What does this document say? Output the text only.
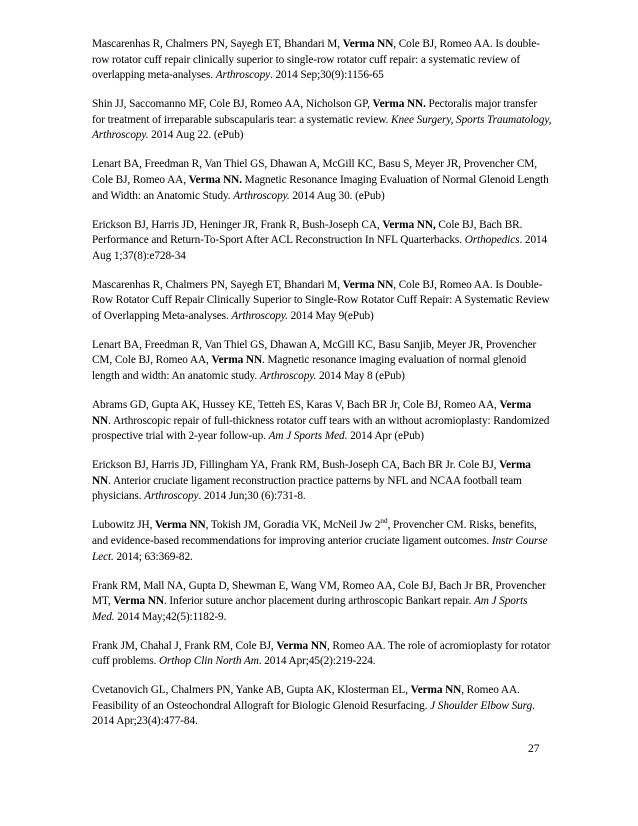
Mascarenhas R, Chalmers PN, Sayegh ET, Bhandari M, Verma NN, Cole BJ, Romeo AA. Is double-row rotator cuff repair clinically superior to single-row rotator cuff repair: a systematic review of overlapping meta-analyses. Arthroscopy. 2014 Sep;30(9):1156-65

Shin JJ, Saccomanno MF, Cole BJ, Romeo AA, Nicholson GP, Verma NN. Pectoralis major transfer for treatment of irreparable subscapularis tear: a systematic review. Knee Surgery, Sports Traumatology, Arthroscopy. 2014 Aug 22. (ePub)

Lenart BA, Freedman R, Van Thiel GS, Dhawan A, McGill KC, Basu S, Meyer JR, Provencher CM, Cole BJ, Romeo AA, Verma NN. Magnetic Resonance Imaging Evaluation of Normal Glenoid Length and Width: an Anatomic Study. Arthroscopy. 2014 Aug 30. (ePub)

Erickson BJ, Harris JD, Heninger JR, Frank R, Bush-Joseph CA, Verma NN, Cole BJ, Bach BR. Performance and Return-To-Sport After ACL Reconstruction In NFL Quarterbacks. Orthopedics. 2014 Aug 1;37(8):e728-34

Mascarenhas R, Chalmers PN, Sayegh ET, Bhandari M, Verma NN, Cole BJ, Romeo AA. Is Double-Row Rotator Cuff Repair Clinically Superior to Single-Row Rotator Cuff Repair: A Systematic Review of Overlapping Meta-analyses. Arthroscopy. 2014 May 9(ePub)

Lenart BA, Freedman R, Van Thiel GS, Dhawan A, McGill KC, Basu Sanjib, Meyer JR, Provencher CM, Cole BJ, Romeo AA, Verma NN. Magnetic resonance imaging evaluation of normal glenoid length and width: An anatomic study. Arthroscopy. 2014 May 8 (ePub)

Abrams GD, Gupta AK, Hussey KE, Tetteh ES, Karas V, Bach BR Jr, Cole BJ, Romeo AA, Verma NN. Arthroscopic repair of full-thickness rotator cuff tears with an without acromioplasty: Randomized prospective trial with 2-year follow-up. Am J Sports Med. 2014 Apr (ePub)

Erickson BJ, Harris JD, Fillingham YA, Frank RM, Bush-Joseph CA, Bach BR Jr. Cole BJ, Verma NN. Anterior cruciate ligament reconstruction practice patterns by NFL and NCAA football team physicians. Arthroscopy. 2014 Jun;30 (6):731-8.

Lubowitz JH, Verma NN, Tokish JM, Goradia VK, McNeil Jw 2nd, Provencher CM. Risks, benefits, and evidence-based recommendations for improving anterior cruciate ligament outcomes. Instr Course Lect. 2014; 63:369-82.

Frank RM, Mall NA, Gupta D, Shewman E, Wang VM, Romeo AA, Cole BJ, Bach Jr BR, Provencher MT, Verma NN. Inferior suture anchor placement during arthroscopic Bankart repair. Am J Sports Med. 2014 May;42(5):1182-9.

Frank JM, Chahal J, Frank RM, Cole BJ, Verma NN, Romeo AA. The role of acromioplasty for rotator cuff problems. Orthop Clin North Am. 2014 Apr;45(2):219-224.

Cvetanovich GL, Chalmers PN, Yanke AB, Gupta AK, Klosterman EL, Verma NN, Romeo AA. Feasibility of an Osteochondral Allograft for Biologic Glenoid Resurfacing. J Shoulder Elbow Surg. 2014 Apr;23(4):477-84.

27
